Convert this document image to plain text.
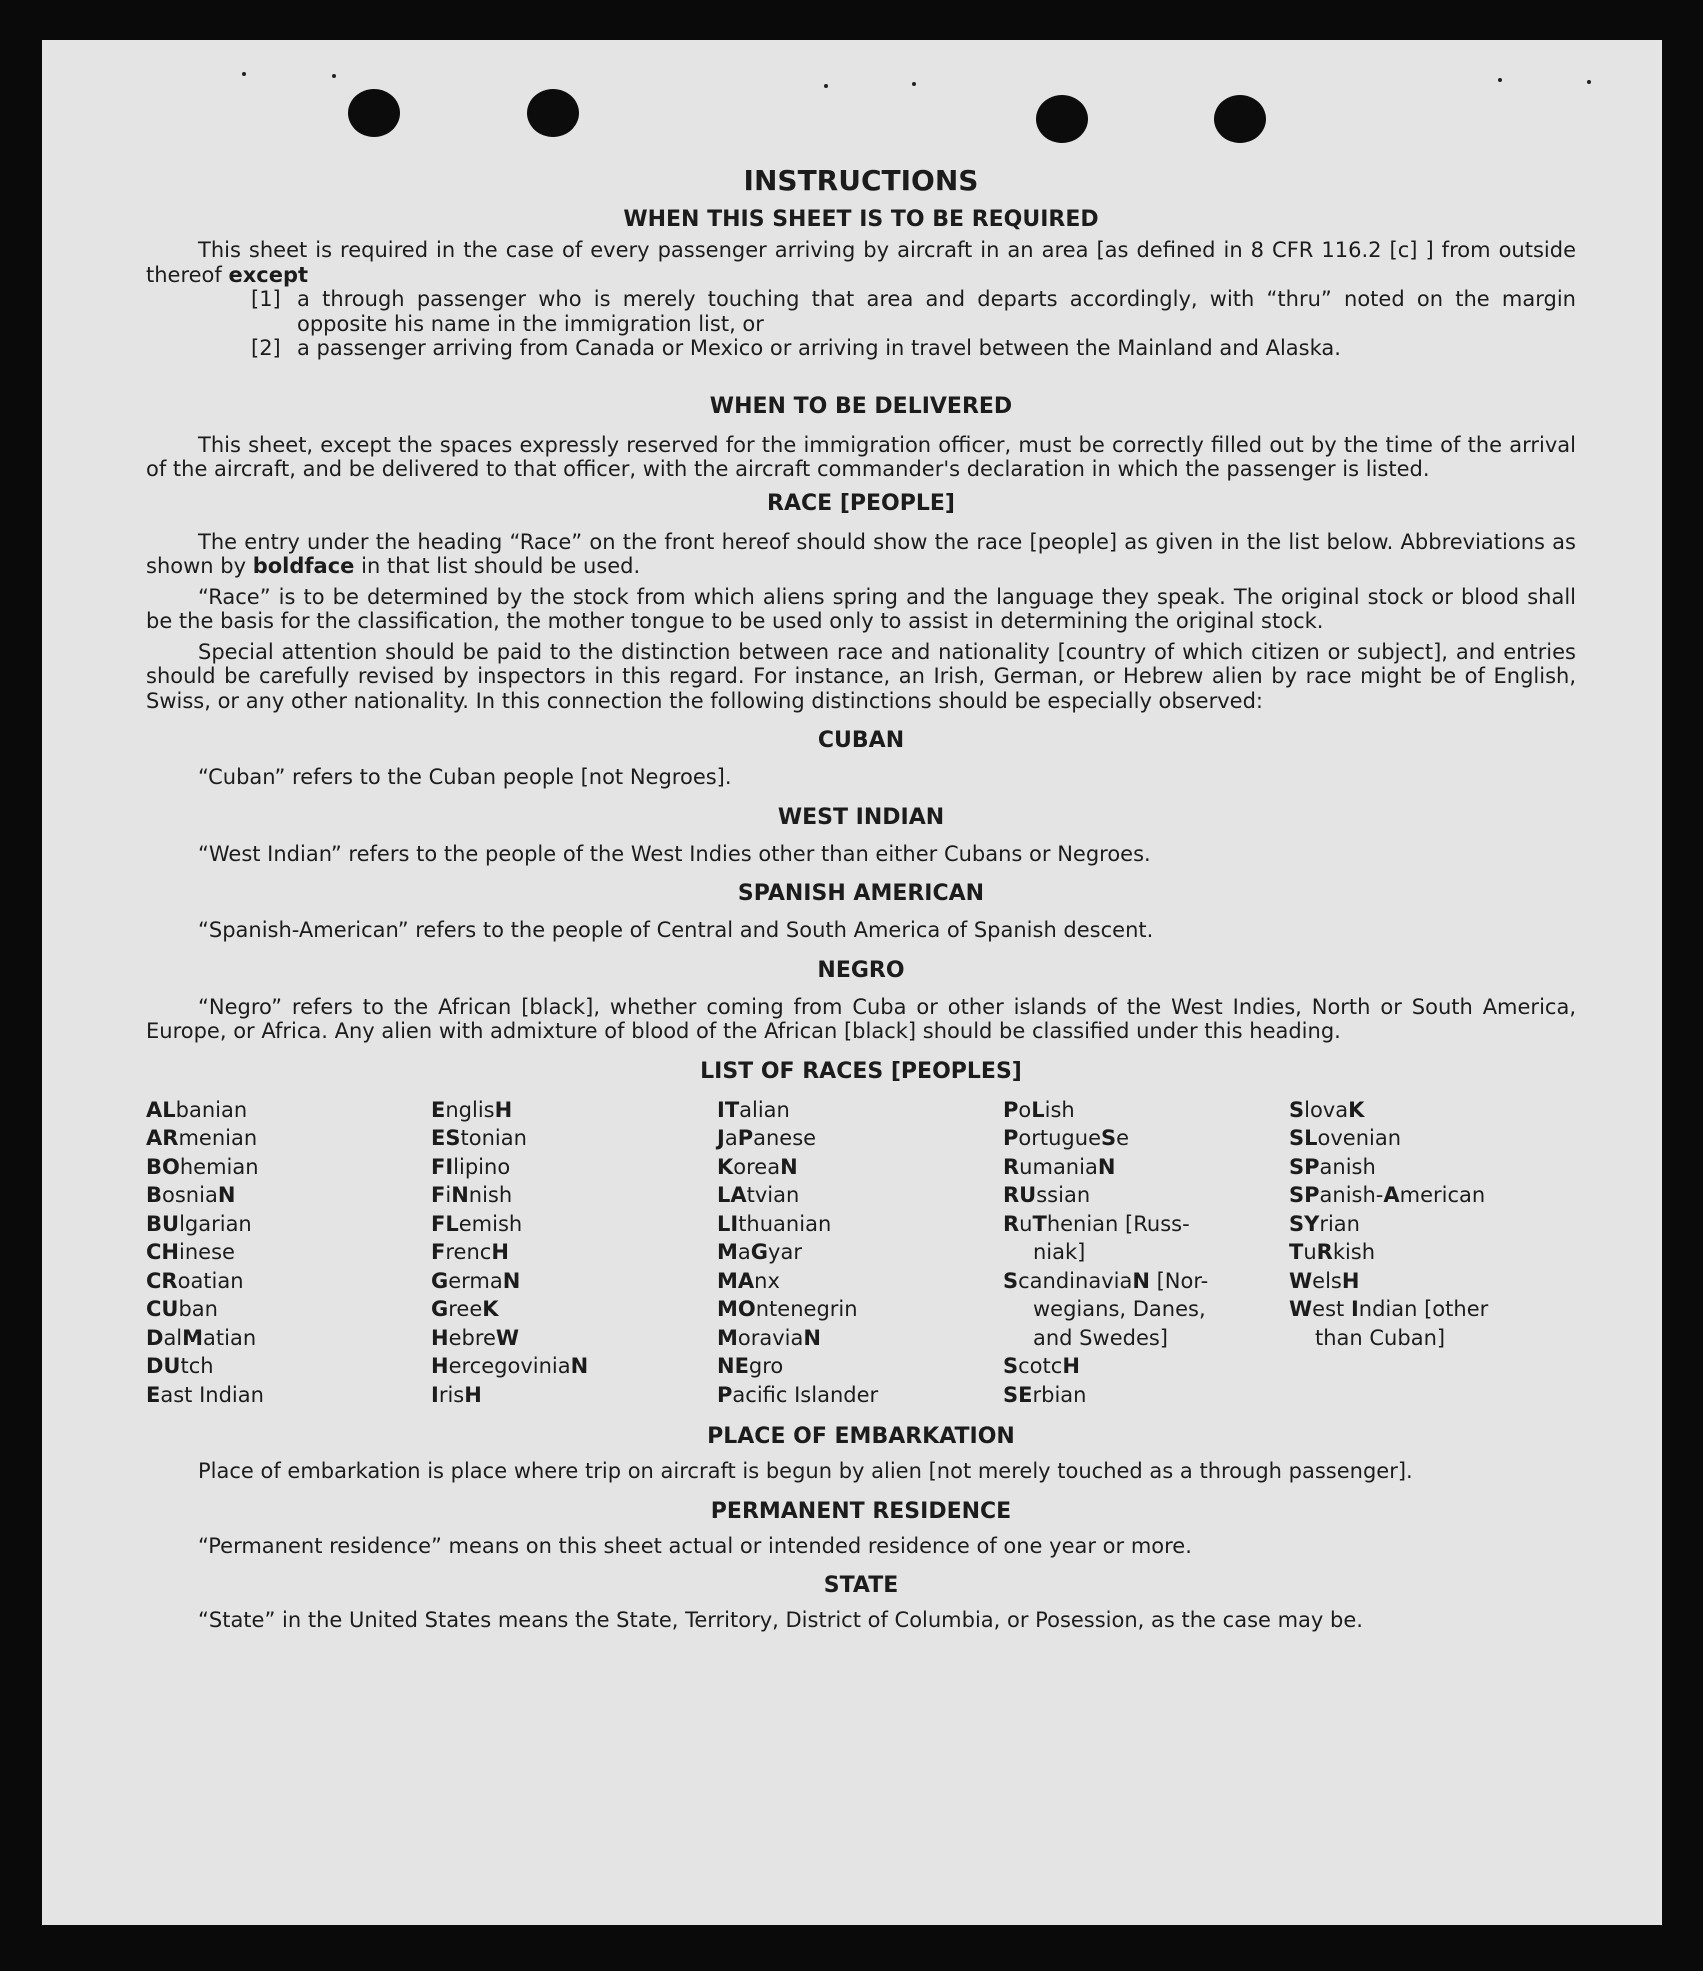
INSTRUCTIONS
WHEN THIS SHEET IS TO BE REQUIRED

This sheet is required in the case of every passenger arriving by aircraft in an area [as defined in 8 CFR 116.2 [c] ] from outside thereof except

[1] a through passenger who is merely touching that area and departs accordingly, with “thru” noted on the margin opposite his name in the immigration list, or
[2] a passenger arriving from Canada or Mexico or arriving in travel between the Mainland and Alaska.
WHEN TO BE DELIVERED

This sheet, except the spaces expressly reserved for the immigration officer, must be correctly filled out by the time of the arrival of the aircraft, and be delivered to that officer, with the aircraft commander's declaration in which the passenger is listed.

RACE [PEOPLE]

The entry under the heading “Race” on the front hereof should show the race [people] as given in the list below. Abbreviations as shown by boldface in that list should be used.

“Race” is to be determined by the stock from which aliens spring and the language they speak. The original stock or blood shall be the basis for the classification, the mother tongue to be used only to assist in determining the original stock.

Special attention should be paid to the distinction between race and nationality [country of which citizen or subject], and entries should be carefully revised by inspectors in this regard. For instance, an Irish, German, or Hebrew alien by race might be of English, Swiss, or any other nationality. In this connection the following distinctions should be especially observed:

CUBAN

“Cuban” refers to the Cuban people [not Negroes].

WEST INDIAN

“West Indian” refers to the people of the West Indies other than either Cubans or Negroes.

SPANISH AMERICAN

“Spanish-American” refers to the people of Central and South America of Spanish descent.

NEGRO

“Negro” refers to the African [black], whether coming from Cuba or other islands of the West Indies, North or South America, Europe, or Africa. Any alien with admixture of blood of the African [black] should be classified under this heading.

LIST OF RACES [PEOPLES]
ALbanian
ARmenian
BOhemian
BosniaN
BUlgarian
CHinese
CRoatian
CUban
DalMatian
DUtch
East Indian
EnglisH
EStonian
FIlipino
FiNnish
FLemish
FrencH
GermaN
GreeK
HebreW
HercegoviniaN
IrisH
ITalian
JaPanese
KoreaN
LAtvian
LIthuanian
MaGyar
MAnx
MOntenegrin
MoraviaN
NEgro
Pacific Islander
PoLish
PortugueSe
RumaniaN
RUssian
RuThenian [Russ-
niak]
ScandinaviaN [Nor-
wegians, Danes,
and Swedes]
ScotcH
SErbian
SlovaK
SLovenian
SPanish
SPanish-American
SYrian
TuRkish
WelsH
West Indian [other
than Cuban]
PLACE OF EMBARKATION

Place of embarkation is place where trip on aircraft is begun by alien [not merely touched as a through passenger].

PERMANENT RESIDENCE

“Permanent residence” means on this sheet actual or intended residence of one year or more.

STATE

“State” in the United States means the State, Territory, District of Columbia, or Posession, as the case may be.
